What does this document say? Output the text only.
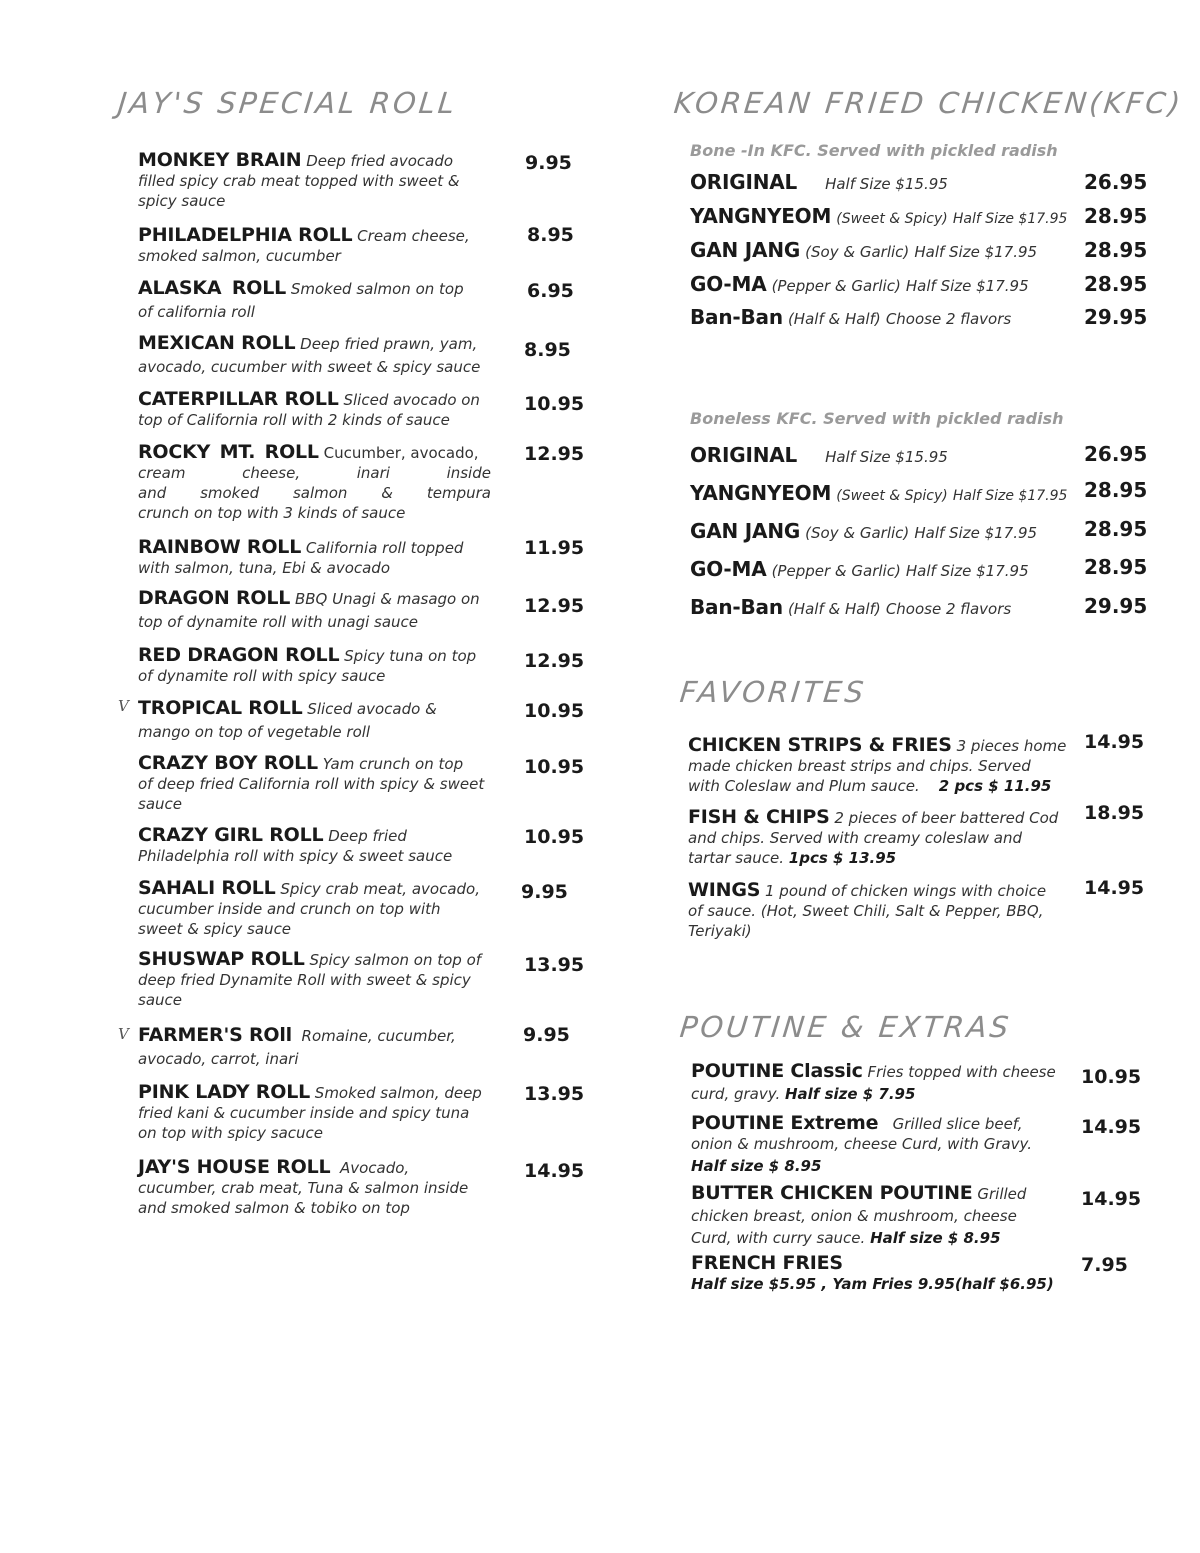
JAY'S SPECIAL ROLL
MONKEY BRAIN Deep fried avocado
filled spicy crab meat topped with sweet &
spicy sauce
9.95
PHILADELPHIA ROLL Cream cheese,
smoked salmon, cucumber
8.95
ALASKA ROLL Smoked salmon on top
of california roll
6.95
MEXICAN ROLL Deep fried prawn, yam,
avocado, cucumber with sweet & spicy sauce
8.95
CATERPILLAR ROLL Sliced avocado on
top of California roll with 2 kinds of sauce
10.95
ROCKY MT. ROLL Cucumber, avocado,
cream	cheese,	inari	inside
and smoked salmon & tempura
crunch on top with 3 kinds of sauce
12.95
RAINBOW ROLL California roll topped
with salmon, tuna, Ebi & avocado
11.95
DRAGON ROLL BBQ Unagi & masago on
top of dynamite roll with unagi sauce
12.95
RED DRAGON ROLL Spicy tuna on top
of dynamite roll with spicy sauce
12.95
V TROPICAL ROLL Sliced avocado &
mango on top of vegetable roll
10.95
CRAZY BOY ROLL Yam crunch on top
of deep fried California roll with spicy & sweet
sauce
10.95
CRAZY GIRL ROLL Deep fried
Philadelphia roll with spicy & sweet sauce
10.95
SAHALI ROLL Spicy crab meat, avocado,
cucumber inside and crunch on top with
sweet & spicy sauce
9.95
SHUSWAP ROLL Spicy salmon on top of
deep fried Dynamite Roll with sweet & spicy
sauce
13.95
V FARMER'S ROll Romaine, cucumber,
avocado, carrot, inari
9.95
PINK LADY ROLL Smoked salmon, deep
fried kani & cucumber inside and spicy tuna
on top with spicy sacuce
13.95
JAY'S HOUSE ROLL Avocado,
cucumber, crab meat, Tuna & salmon inside
and smoked salmon & tobiko on top
14.95
KOREAN FRIED CHICKEN(KFC)
Bone -In KFC. Served with pickled radish
ORIGINAL Half Size $15.95	26.95
YANGNYEOM (Sweet & Spicy) Half Size $17.95 28.95
GAN JANG (Soy & Garlic) Half Size $17.95 28.95
GO-MA (Pepper & Garlic) Half Size $17.95	28.95
Ban-Ban (Half & Half) Choose 2 flavors	29.95
Boneless KFC. Served with pickled radish
ORIGINAL Half Size $15.95	26.95
YANGNYEOM (Sweet & Spicy) Half Size $17.95 28.95
GAN JANG (Soy & Garlic) Half Size $17.95 28.95
GO-MA (Pepper & Garlic) Half Size $17.95	28.95
Ban-Ban (Half & Half) Choose 2 flavors	29.95
FAVORITES
CHICKEN STRIPS & FRIES 3 pieces home
made chicken breast strips and chips. Served
with Coleslaw and Plum sauce. 2 pcs $ 11.95
14.95
FISH & CHIPS 2 pieces of beer battered Cod
and chips. Served with creamy coleslaw and
tartar sauce. 1pcs $ 13.95
18.95
WINGS 1 pound of chicken wings with choice
of sauce. (Hot, Sweet Chili, Salt & Pepper, BBQ,
Teriyaki)
14.95
POUTINE & EXTRAS
POUTINE Classic Fries topped with cheese
curd, gravy. Half size $ 7.95
10.95
POUTINE Extreme Grilled slice beef,
onion & mushroom, cheese Curd, with Gravy.
Half size $ 8.95
14.95
BUTTER CHICKEN POUTINE Grilled
chicken breast, onion & mushroom, cheese
Curd, with curry sauce. Half size $ 8.95
14.95
FRENCH FRIES
Half size $5.95 , Yam Fries 9.95(half $6.95)
7.95
